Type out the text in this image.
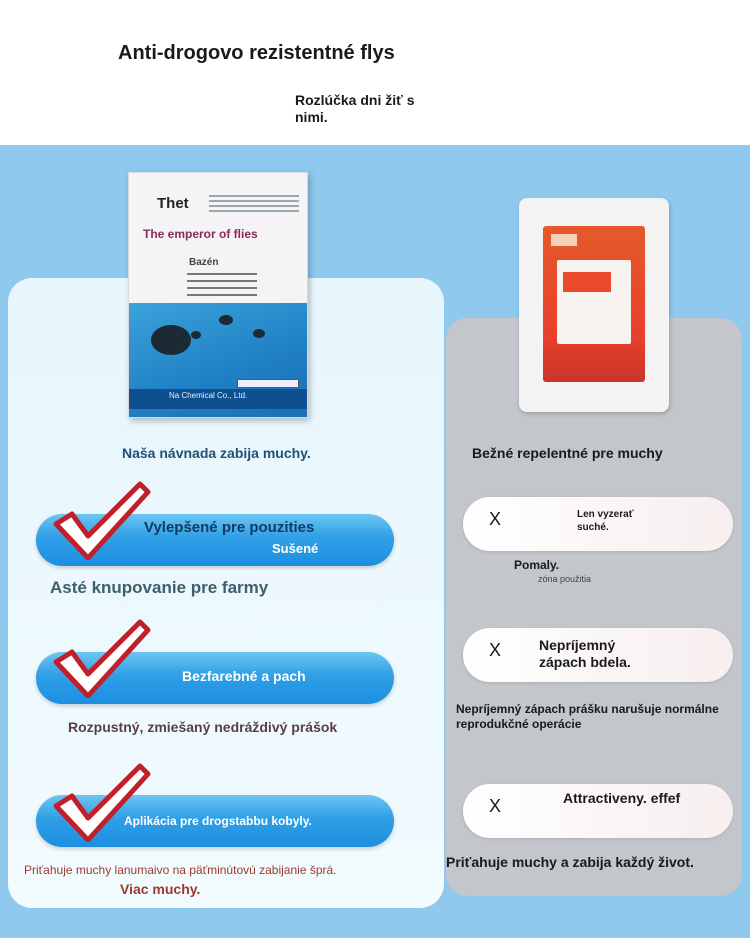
Anti-drogovo rezistentné flys
Rozlúčka dni žiť s nimi.
Thet
The emperor of flies
Bazén
Na Chemical Co., Ltd.
Naša návnada zabija muchy.	Bežné repelentné pre muchy
Vylepšené pre pouzities
Sušené
Asté knupovanie pre farmy
Bezfarebné a pach
Rozpustný, zmiešaný nedráždivý prášok
Aplikácia pre drogstabbu kobyly.
Priťahuje muchy lanumaivo na päťminútovú zabijanie šprá.
Viac muchy.
X	Len vyzerať suché.
Pomaly.
zóna použitia
X	Nepríjemný zápach bdela.
Nepríjemný zápach prášku narušuje normálne reprodukčné operácie
X	Attractiveny. effef
Priťahuje muchy a zabija každý život.
